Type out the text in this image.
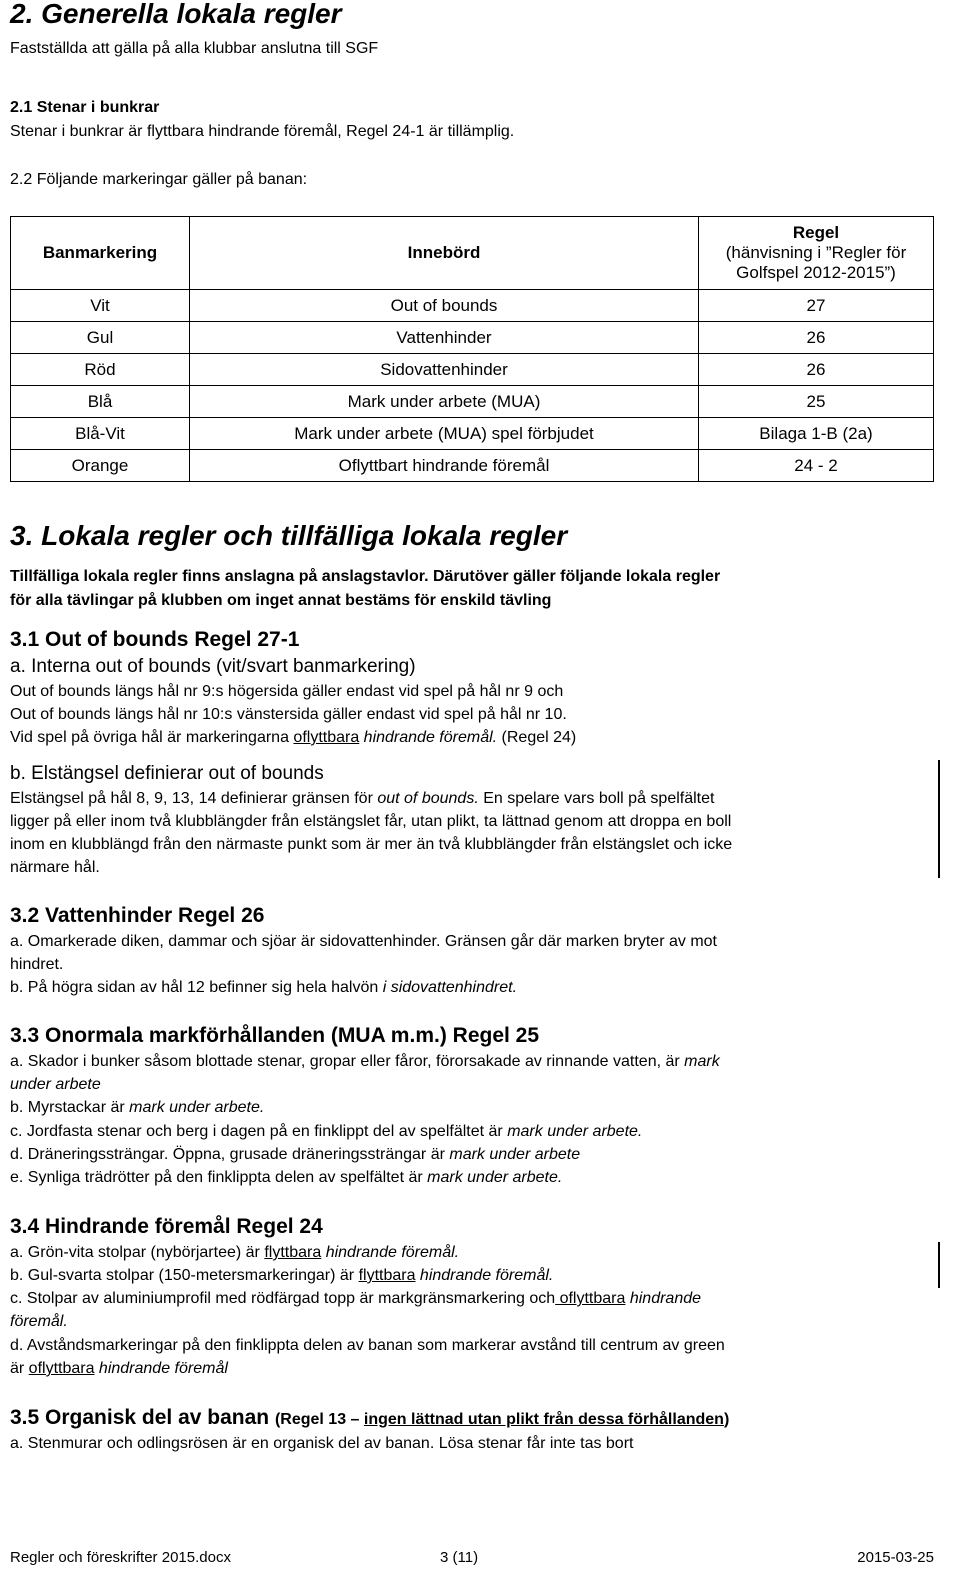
2. Generella lokala regler
Fastställda att gälla på alla klubbar anslutna till SGF
2.1 Stenar i bunkrar
Stenar i bunkrar är flyttbara hindrande föremål, Regel 24-1 är tillämplig.
2.2 Följande markeringar gäller på banan:
Banmarkering	Innebörd	Regel
(hänvisning i ”Regler för
Golfspel 2012-2015”)

Vit	Out of bounds	27
Gul	Vattenhinder	26
Röd	Sidovattenhinder	26
Blå	Mark under arbete (MUA)	25
Blå-Vit	Mark under arbete (MUA) spel förbjudet	Bilaga 1-B (2a)
Orange	Oflyttbart hindrande föremål	24 - 2
3. Lokala regler och tillfälliga lokala regler
Tillfälliga lokala regler finns anslagna på anslagstavlor. Därutöver gäller följande lokala regler
för alla tävlingar på klubben om inget annat bestäms för enskild tävling
3.1 Out of bounds Regel 27-1
a. Interna out of bounds (vit/svart banmarkering)
Out of bounds längs hål nr 9:s högersida gäller endast vid spel på hål nr 9 och
Out of bounds längs hål nr 10:s vänstersida gäller endast vid spel på hål nr 10.
Vid spel på övriga hål är markeringarna oflyttbara hindrande föremål. (Regel 24)
b. Elstängsel definierar out of bounds
Elstängsel på hål 8, 9, 13, 14 definierar gränsen för out of bounds. En spelare vars boll på spelfältet
ligger på eller inom två klubblängder från elstängslet får, utan plikt, ta lättnad genom att droppa en boll
inom en klubblängd från den närmaste punkt som är mer än två klubblängder från elstängslet och icke
närmare hål.
3.2 Vattenhinder Regel 26
a. Omarkerade diken, dammar och sjöar är sidovattenhinder. Gränsen går där marken bryter av mot
hindret.
b. På högra sidan av hål 12 befinner sig hela halvön i sidovattenhindret.
3.3 Onormala markförhållanden (MUA m.m.) Regel 25
a. Skador i bunker såsom blottade stenar, gropar eller fåror, förorsakade av rinnande vatten, är mark
under arbete
b. Myrstackar är mark under arbete.
c. Jordfasta stenar och berg i dagen på en finklippt del av spelfältet är mark under arbete.
d. Dräneringssträngar. Öppna, grusade dräneringssträngar är mark under arbete
e. Synliga trädrötter på den finklippta delen av spelfältet är mark under arbete.
3.4 Hindrande föremål Regel 24
a. Grön-vita stolpar (nybörjartee) är flyttbara hindrande föremål.
b. Gul-svarta stolpar (150-metersmarkeringar) är flyttbara hindrande föremål.
c. Stolpar av aluminiumprofil med rödfärgad topp är markgränsmarkering och oflyttbara hindrande
föremål.
d. Avståndsmarkeringar på den finklippta delen av banan som markerar avstånd till centrum av green
är oflyttbara hindrande föremål
3.5 Organisk del av banan (Regel 13 – ingen lättnad utan plikt från dessa förhållanden)
a. Stenmurar och odlingsrösen är en organisk del av banan. Lösa stenar får inte tas bort
Regler och föreskrifter 2015.docx	3 (11)	2015-03-25
